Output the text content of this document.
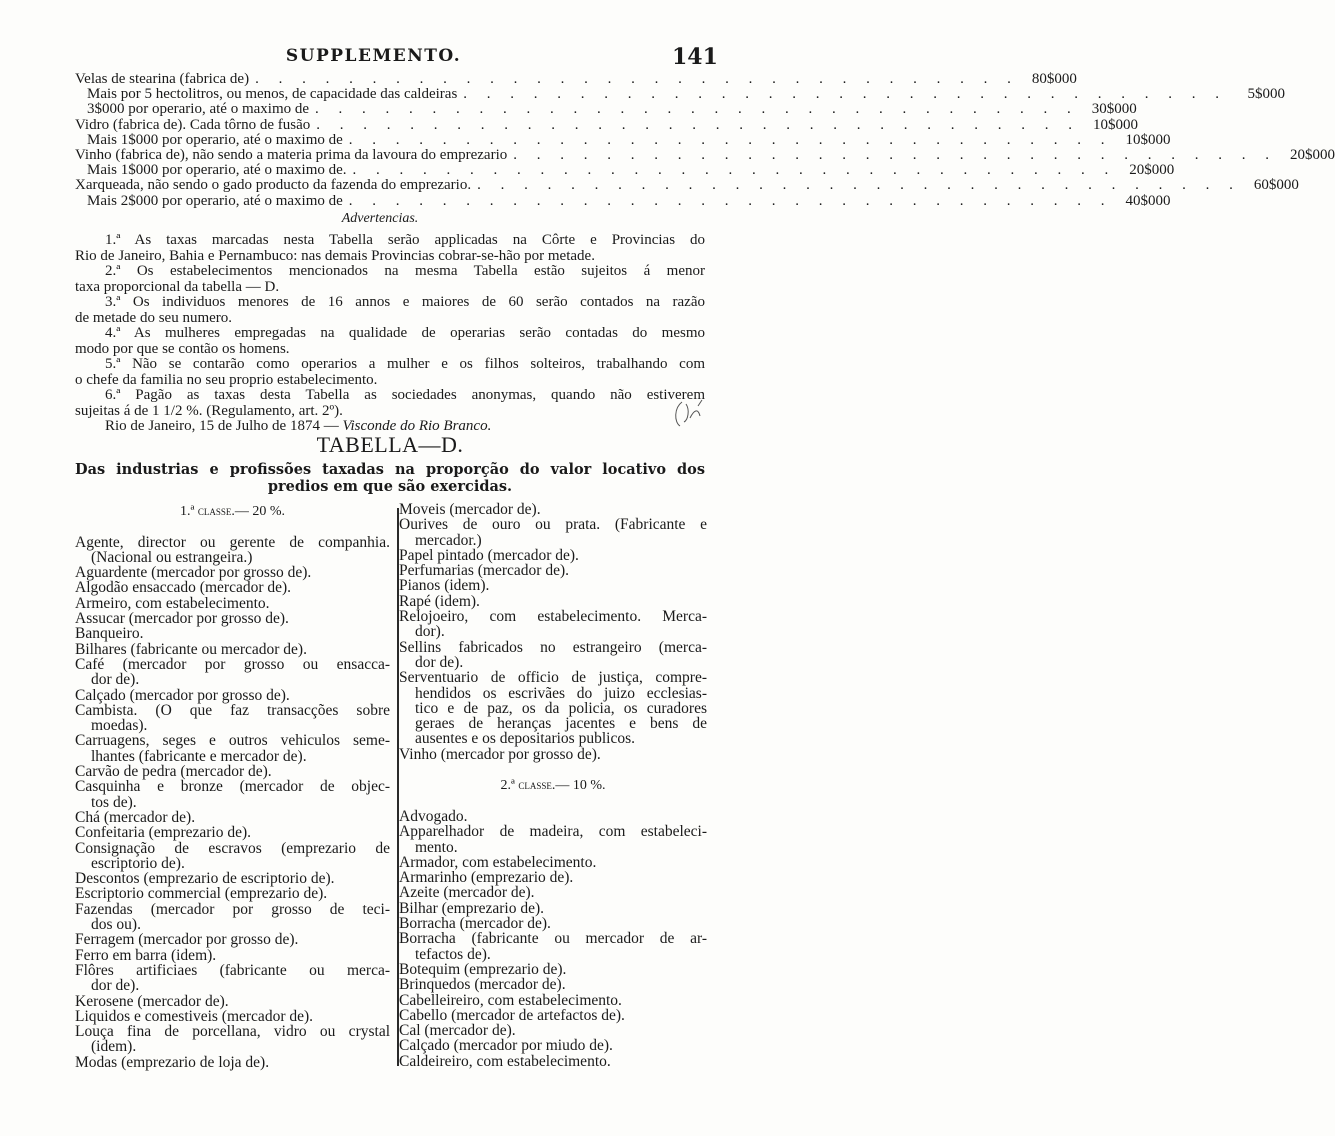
SUPPLEMENTO.	141
Velas de stearina (fabrica de) . . . . . . . . . . . . . . . . . . . . . . . . . . . . . . . . . 80$000
Mais por 5 hectolitros, ou menos, de capacidade das caldeiras . . . . . . . . . . . . . . . . . . . . . . . . . . . . . . . . .	5$000
3$000 por operario, até o maximo de . . . . . . . . . . . . . . . . . . . . . . . . . . . . . . . . . 30$000
Vidro (fabrica de). Cada tôrno de fusão . . . . . . . . . . . . . . . . . . . . . . . . . . . . . . . . . 10$000
Mais 1$000 por operario, até o maximo de . . . . . . . . . . . . . . . . . . . . . . . . . . . . . . . . . 10$000
Vinho (fabrica de), não sendo a materia prima da lavoura do emprezario . . . . . . . . . . . . . . . . . . . . . . . . . . . . . . . . . 20$000
Mais 1$000 por operario, até o maximo de. . . . . . . . . . . . . . . . . . . . . . . . . . . . . . . . . . 20$000
Xarqueada, não sendo o gado producto da fazenda do emprezario. . . . . . . . . . . . . . . . . . . . . . . . . . . . . . . . . . 60$000
Mais 2$000 por operario, até o maximo de . . . . . . . . . . . . . . . . . . . . . . . . . . . . . . . . . 40$000
Advertencias.
1.ª As taxas marcadas nesta Tabella serão applicadas na Côrte e Provincias do
Rio de Janeiro, Bahia e Pernambuco: nas demais Provincias cobrar-se-hão por metade.
2.ª Os estabelecimentos mencionados na mesma Tabella estão sujeitos á menor
taxa proporcional da tabella — D.
3.ª Os individuos menores de 16 annos e maiores de 60 serão contados na razão
de metade do seu numero.
4.ª As mulheres empregadas na qualidade de operarias serão contadas do mesmo
modo por que se contão os homens.
5.ª Não se contarão como operarios a mulher e os filhos solteiros, trabalhando com
o chefe da familia no seu proprio estabelecimento.
6.ª Pagão as taxas desta Tabella as sociedades anonymas, quando não estiverem
sujeitas á de 1 1/2 %. (Regulamento, art. 2º).
Rio de Janeiro, 15 de Julho de 1874 — Visconde do Rio Branco.
TABELLA—D.
Das industrias e profissões taxadas na proporção do valor locativo dos
predios em que são exercidas.
1.ª classe.— 20 %.
Agente, director ou gerente de companhia.
(Nacional ou estrangeira.)
Aguardente (mercador por grosso de).
Algodão ensaccado (mercador de).
Armeiro, com estabelecimento.
Assucar (mercador por grosso de).
Banqueiro.
Bilhares (fabricante ou mercador de).
Café (mercador por grosso ou ensacca-
dor de).
Calçado (mercador por grosso de).
Cambista. (O que faz transacções sobre
moedas).
Carruagens, seges e outros vehiculos seme-
lhantes (fabricante e mercador de).
Carvão de pedra (mercador de).
Casquinha e bronze (mercador de objec-
tos de).
Chá (mercador de).
Confeitaria (emprezario de).
Consignação de escravos (emprezario de
escriptorio de).
Descontos (emprezario de escriptorio de).
Escriptorio commercial (emprezario de).
Fazendas (mercador por grosso de teci-
dos ou).
Ferragem (mercador por grosso de).
Ferro em barra (idem).
Flôres artificiaes (fabricante ou merca-
dor de).
Kerosene (mercador de).
Liquidos e comestiveis (mercador de).
Louça fina de porcellana, vidro ou crystal
(idem).
Modas (emprezario de loja de).
Moveis (mercador de).
Ourives de ouro ou prata. (Fabricante e
mercador.)
Papel pintado (mercador de).
Perfumarias (mercador de).
Pianos (idem).
Rapé (idem).
Relojoeiro, com estabelecimento. Merca-
dor).
Sellins fabricados no estrangeiro (merca-
dor de).
Serventuario de officio de justiça, compre-
hendidos os escrivães do juizo ecclesias-
tico e de paz, os da policia, os curadores
geraes de heranças jacentes e bens de
ausentes e os depositarios publicos.
Vinho (mercador por grosso de).
2.ª classe.— 10 %.
Advogado.
Apparelhador de madeira, com estabeleci-
mento.
Armador, com estabelecimento.
Armarinho (emprezario de).
Azeite (mercador de).
Bilhar (emprezario de).
Borracha (mercador de).
Borracha (fabricante ou mercador de ar-
tefactos de).
Botequim (emprezario de).
Brinquedos (mercador de).
Cabelleireiro, com estabelecimento.
Cabello (mercador de artefactos de).
Cal (mercador de).
Calçado (mercador por miudo de).
Caldeireiro, com estabelecimento.
